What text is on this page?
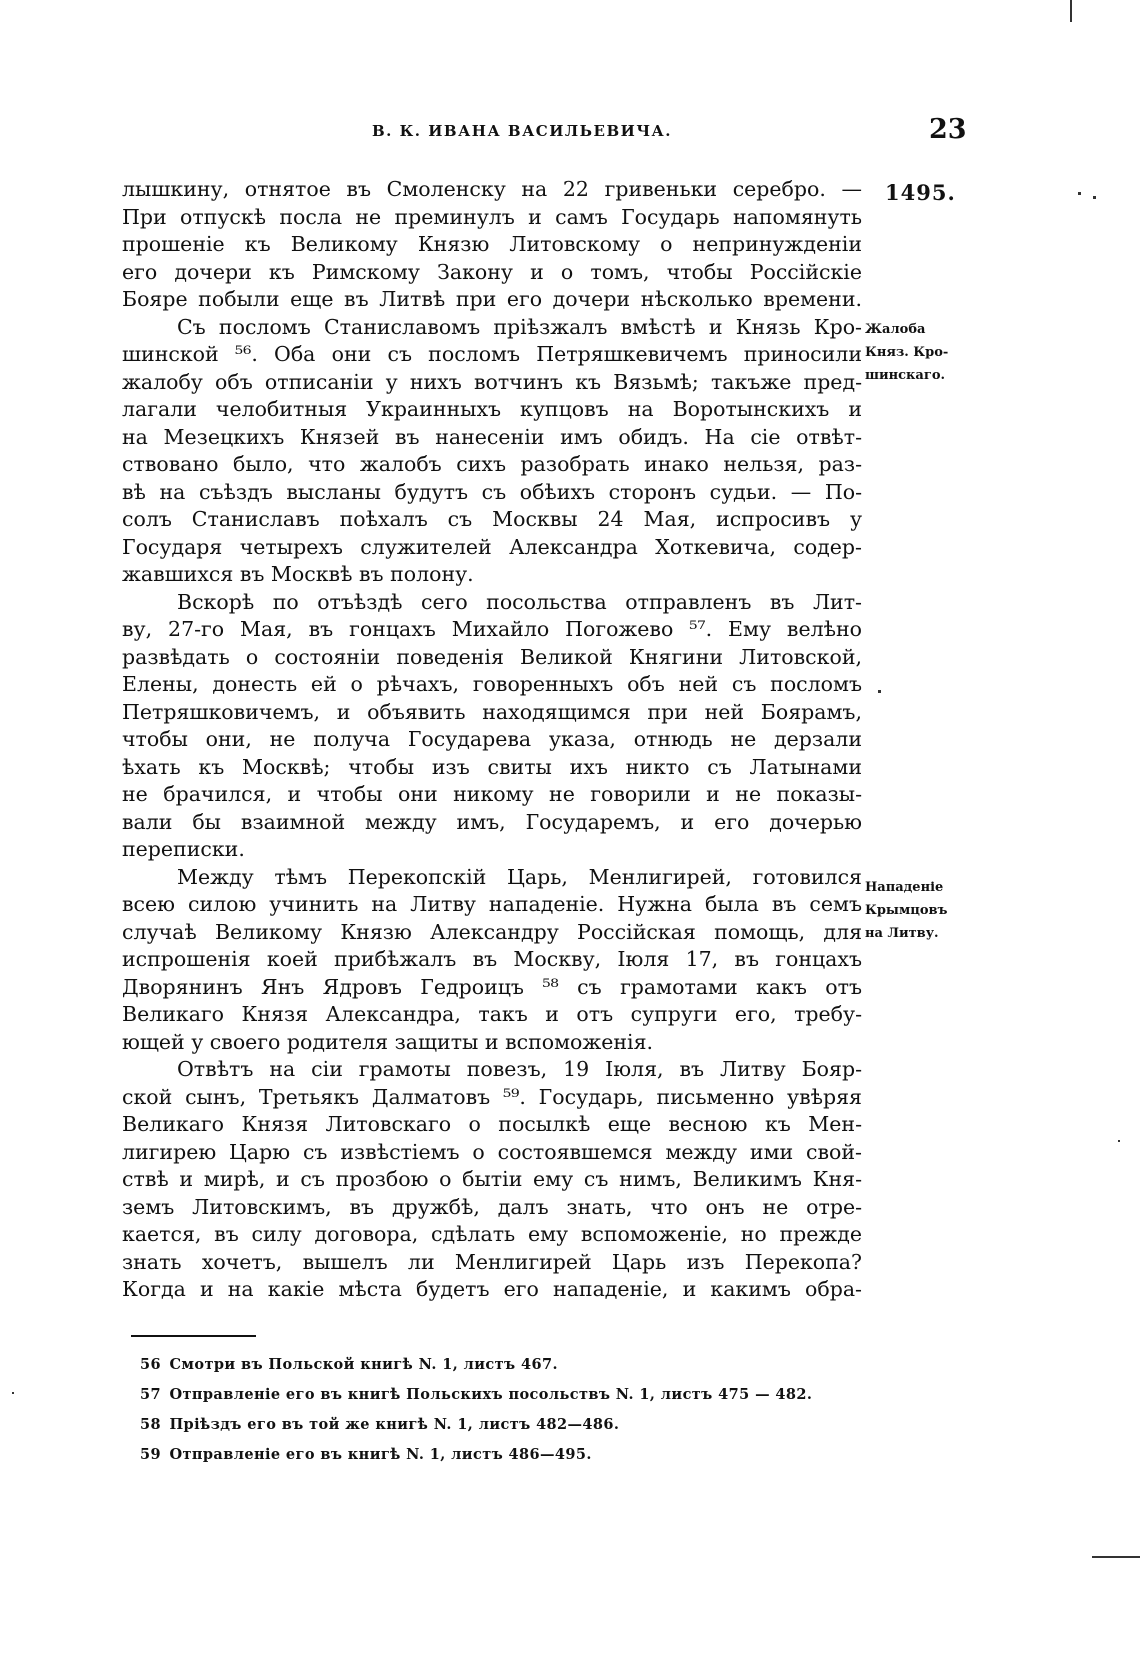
В. К. ИВАНА ВАСИЛЬЕВИЧА.	23
1495.
Жалоба
Княз. Кро-
шинскаго.
Нападеніе
Крымцовъ
на Литву.
лышкину, отнятое въ Смоленску на 22 гривеньки серебро. —
При отпускѣ посла не преминулъ и самъ Государь напомянуть
прошеніе къ Великому Князю Литовскому о непринужденіи
его дочери къ Римскому Закону и о томъ, чтобы Россійскіе
Бояре побыли еще въ Литвѣ при его дочери нѣсколько времени.
Съ посломъ Станиславомъ пріѣзжалъ вмѣстѣ и Князь Кро-
шинской ⁵⁶. Оба они съ посломъ Петряшкевичемъ приносили
жалобу объ отписаніи у нихъ вотчинъ къ Вязьмѣ; такъже пред-
лагали челобитныя Украинныхъ купцовъ на Воротынскихъ и
на Мезецкихъ Князей въ нанесеніи имъ обидъ. На сіе отвѣт-
ствовано было, что жалобъ сихъ разобрать инако нельзя, раз-
вѣ на съѣздъ высланы будутъ съ обѣихъ сторонъ судьи. — По-
солъ Станиславъ поѣхалъ съ Москвы 24 Мая, испросивъ у
Государя четырехъ служителей Александра Хоткевича, содер-
жавшихся въ Москвѣ въ полону.
Вскорѣ по отъѣздѣ сего посольства отправленъ въ Лит-
ву, 27-го Мая, въ гонцахъ Михайло Погожево ⁵⁷. Ему велѣно
развѣдать о состояніи поведенія Великой Княгини Литовской,
Елены, донесть ей о рѣчахъ, говоренныхъ объ ней съ посломъ
Петряшковичемъ, и объявить находящимся при ней Боярамъ,
чтобы они, не получа Государева указа, отнюдь не дерзали
ѣхать къ Москвѣ; чтобы изъ свиты ихъ никто съ Латынами
не брачился, и чтобы они никому не говорили и не показы-
вали бы взаимной между имъ, Государемъ, и его дочерью
переписки.
Между тѣмъ Перекопскій Царь, Менлигирей, готовился
всею силою учинить на Литву нападеніе. Нужна была въ семъ
случаѣ Великому Князю Александру Россійская помощь, для
испрошенія коей прибѣжалъ въ Москву, Іюля 17, въ гонцахъ
Дворянинъ Янъ Ядровъ Гедроицъ ⁵⁸ съ грамотами какъ отъ
Великаго Князя Александра, такъ и отъ супруги его, требу-
ющей у своего родителя защиты и вспоможенія.
Отвѣтъ на сіи грамоты повезъ, 19 Іюля, въ Литву Бояр-
ской сынъ, Третьякъ Далматовъ ⁵⁹. Государь, письменно увѣряя
Великаго Князя Литовскаго о посылкѣ еще весною къ Мен-
лигирею Царю съ извѣстіемъ о состоявшемся между ими свой-
ствѣ и мирѣ, и съ прозбою о бытіи ему съ нимъ, Великимъ Кня-
земъ Литовскимъ, въ дружбѣ, далъ знать, что онъ не отре-
кается, въ силу договора, сдѣлать ему вспоможеніе, но прежде
знать хочетъ, вышелъ ли Менлигирей Царь изъ Перекопа?
Когда и на какіе мѣста будетъ его нападеніе, и какимъ обра-
56 Смотри въ Польской книгѣ N. 1, листъ 467.
57 Отправленіе его въ книгѣ Польскихъ посольствъ N. 1, листъ 475 — 482.
58 Пріѣздъ его въ той же книгѣ N. 1, листъ 482—486.
59 Отправленіе его въ книгѣ N. 1, листъ 486—495.
